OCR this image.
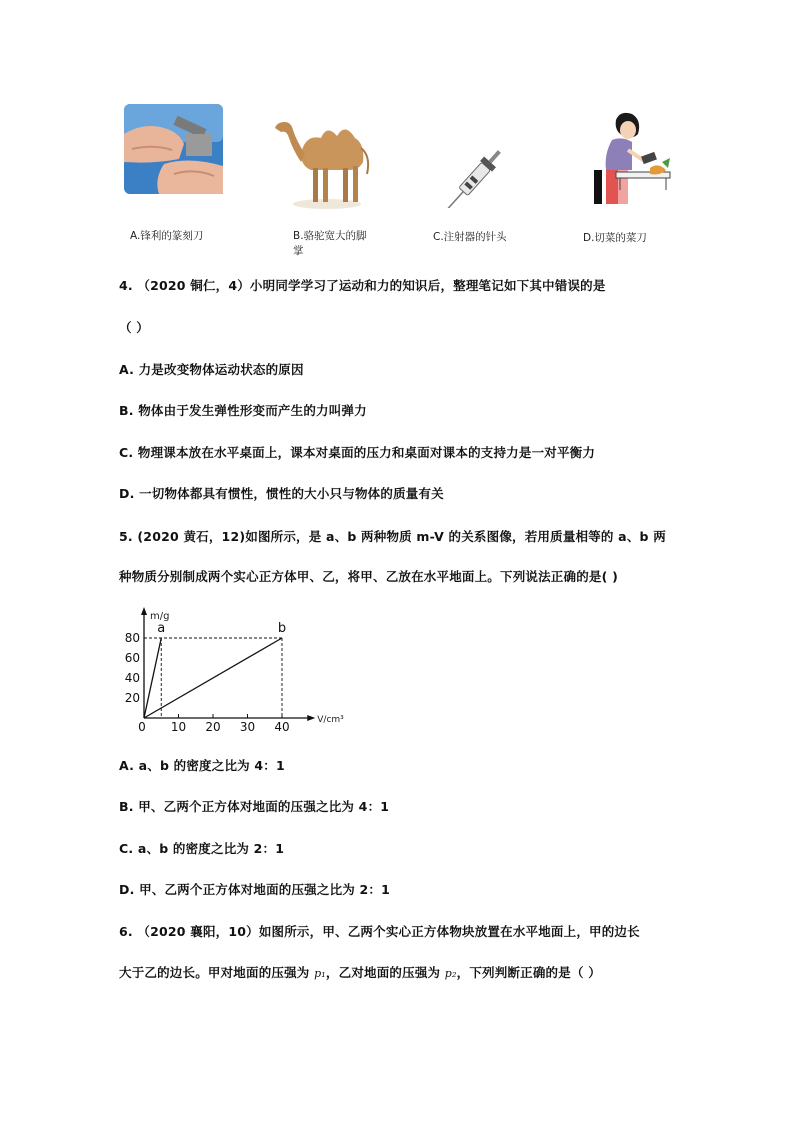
A.锋利的篆刻刀	B.骆驼宽大的脚
掌
C.注射器的针头	D.切菜的菜刀
4. （2020 铜仁，4）小明同学学习了运动和力的知识后，整理笔记如下其中错误的是
（ ）
A. 力是改变物体运动状态的原因
B. 物体由于发生弹性形变而产生的力叫弹力
C. 物理课本放在水平桌面上，课本对桌面的压力和桌面对课本的支持力是一对平衡力
D. 一切物体都具有惯性，惯性的大小只与物体的质量有关
5. (2020 黄石，12)如图所示，是 a、b 两种物质 m-V 的关系图像，若用质量相等的 a、b 两
种物质分别制成两个实心正方体甲、乙，将甲、乙放在水平地面上。下列说法正确的是( )
m/g
V/cm³
20
40
60
80
0 10 20 30 40
a	b
A. a、b 的密度之比为 4：1
B. 甲、乙两个正方体对地面的压强之比为 4：1
C. a、b 的密度之比为 2：1
D. 甲、乙两个正方体对地面的压强之比为 2：1
6. （2020 襄阳，10）如图所示，甲、乙两个实心正方体物块放置在水平地面上，甲的边长
大于乙的边长。甲对地面的压强为 p₁，乙对地面的压强为 p₂，下列判断正确的是（ ）
